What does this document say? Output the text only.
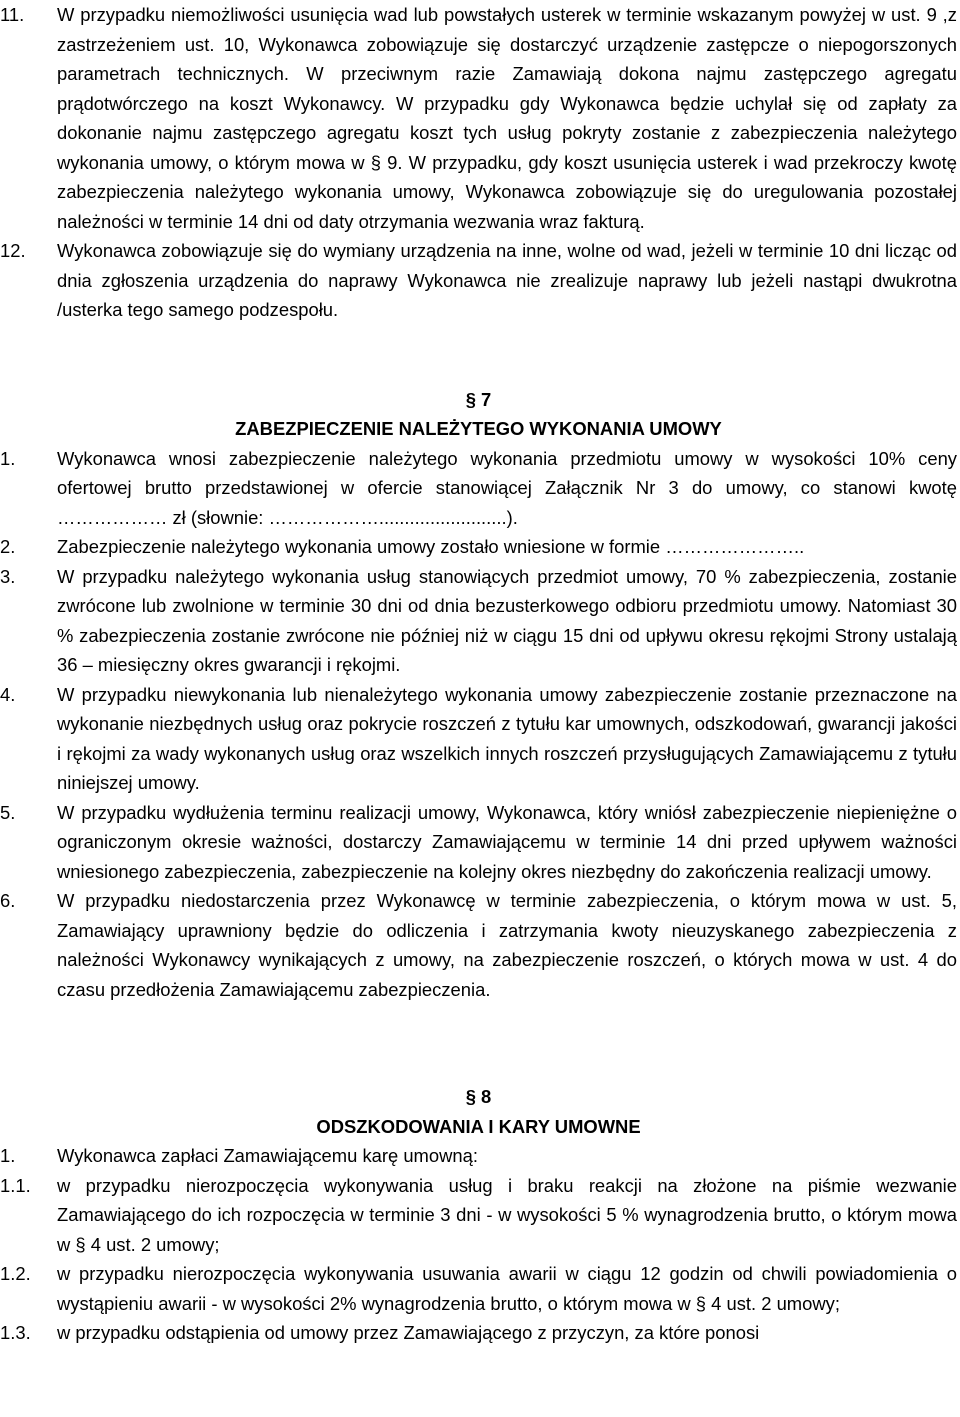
11.	W przypadku niemożliwości usunięcia wad lub powstałych usterek w terminie wskazanym powyżej w ust. 9 ,z zastrzeżeniem ust. 10, Wykonawca zobowiązuje się dostarczyć urządzenie zastępcze o niepogorszonych parametrach technicznych. W przeciwnym razie Zamawiają dokona najmu zastępczego agregatu prądotwórczego na koszt Wykonawcy. W przypadku gdy Wykonawca będzie uchylał się od zapłaty za dokonanie najmu zastępczego agregatu koszt tych usług pokryty zostanie z zabezpieczenia należytego wykonania umowy, o którym mowa w § 9. W przypadku, gdy koszt usunięcia usterek i wad przekroczy kwotę zabezpieczenia należytego wykonania umowy, Wykonawca zobowiązuje się do uregulowania pozostałej należności w terminie 14 dni od daty otrzymania wezwania wraz fakturą.
12.	Wykonawca zobowiązuje się do wymiany urządzenia na inne, wolne od wad, jeżeli w terminie 10 dni licząc od dnia zgłoszenia urządzenia do naprawy Wykonawca nie zrealizuje naprawy lub jeżeli nastąpi dwukrotna /usterka tego samego podzespołu.
§ 7
ZABEZPIECZENIE NALEŻYTEGO WYKONANIA UMOWY
1.	Wykonawca wnosi zabezpieczenie należytego wykonania przedmiotu umowy w wysokości 10% ceny ofertowej brutto przedstawionej w ofercie stanowiącej Załącznik Nr 3 do umowy, co stanowi kwotę ……………… zł (słownie: ……………….........................).
2.	Zabezpieczenie należytego wykonania umowy zostało wniesione w formie …………………..
3.	W przypadku należytego wykonania usług stanowiących przedmiot umowy, 70 % zabezpieczenia, zostanie zwrócone lub zwolnione w terminie 30 dni od dnia bezusterkowego odbioru przedmiotu umowy. Natomiast 30 % zabezpieczenia zostanie zwrócone nie później niż w ciągu 15 dni od upływu okresu rękojmi Strony ustalają 36 – miesięczny okres gwarancji i rękojmi.
4.	W przypadku niewykonania lub nienależytego wykonania umowy zabezpieczenie zostanie przeznaczone na wykonanie niezbędnych usług oraz pokrycie roszczeń z tytułu kar umownych, odszkodowań, gwarancji jakości i rękojmi za wady wykonanych usług oraz wszelkich innych roszczeń przysługujących Zamawiającemu z tytułu niniejszej umowy.
5.	W przypadku wydłużenia terminu realizacji umowy, Wykonawca, który wniósł zabezpieczenie niepieniężne o ograniczonym okresie ważności, dostarczy Zamawiającemu w terminie 14 dni przed upływem ważności wniesionego zabezpieczenia, zabezpieczenie na kolejny okres niezbędny do zakończenia realizacji umowy.
6.	W przypadku niedostarczenia przez Wykonawcę w terminie zabezpieczenia, o którym mowa w ust. 5, Zamawiający uprawniony będzie do odliczenia i zatrzymania kwoty nieuzyskanego zabezpieczenia z należności Wykonawcy wynikających z umowy, na zabezpieczenie roszczeń, o których mowa w ust. 4 do czasu przedłożenia Zamawiającemu zabezpieczenia.
§ 8
ODSZKODOWANIA I KARY UMOWNE
1.	Wykonawca zapłaci Zamawiającemu karę umowną:
1.1.	w przypadku nierozpoczęcia wykonywania usług i braku reakcji na złożone na piśmie wezwanie Zamawiającego do ich rozpoczęcia w terminie 3 dni - w wysokości 5 % wynagrodzenia brutto, o którym mowa w § 4 ust. 2 umowy;
1.2.	w przypadku nierozpoczęcia wykonywania usuwania awarii w ciągu 12 godzin od chwili powiadomienia o wystąpieniu awarii - w wysokości 2% wynagrodzenia brutto, o którym mowa w § 4 ust. 2 umowy;
1.3.	w przypadku odstąpienia od umowy przez Zamawiającego z przyczyn, za które ponosi
